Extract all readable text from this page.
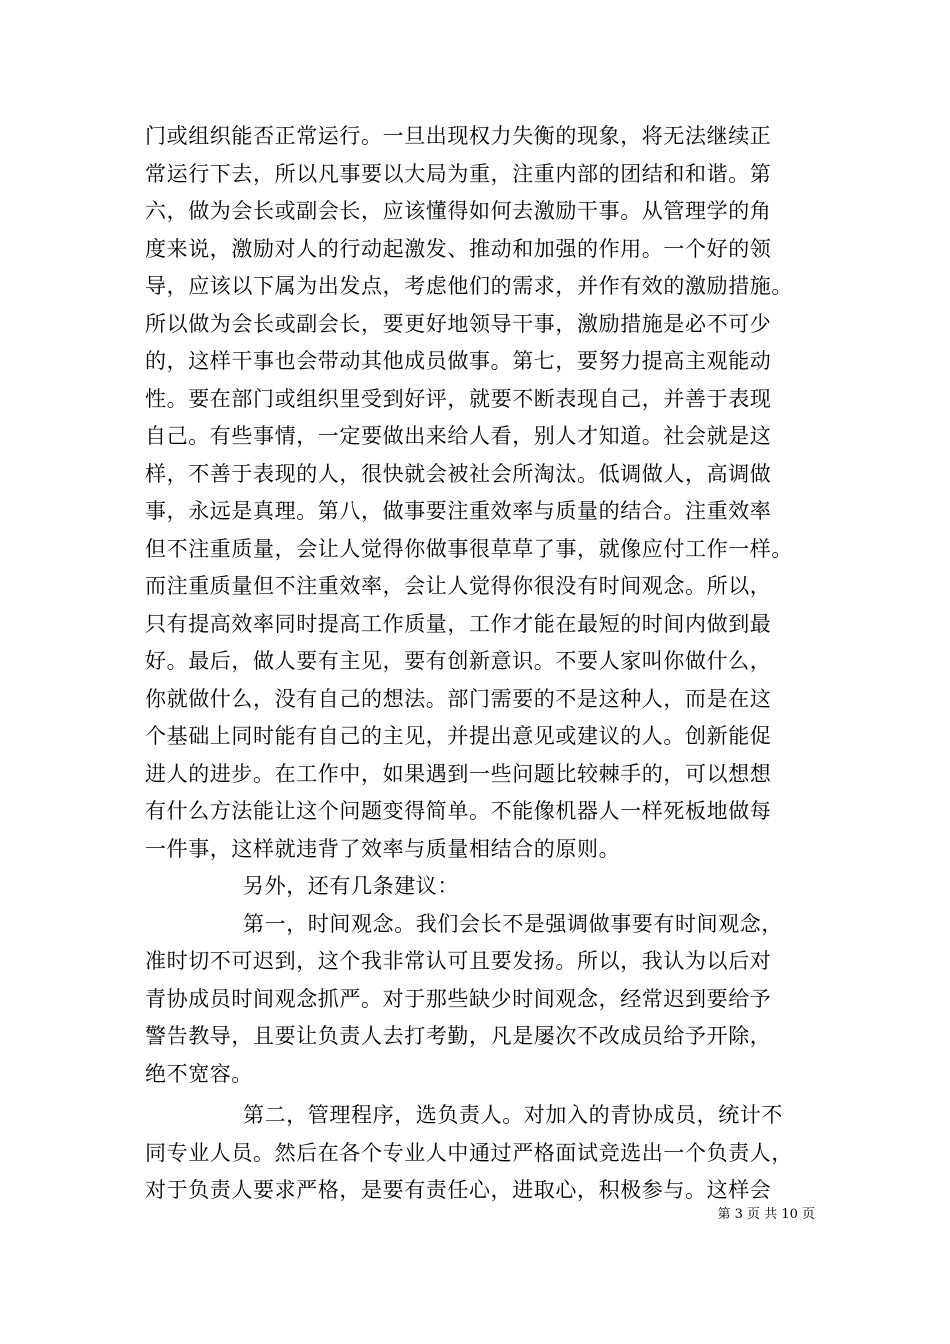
门或组织能否正常运行。一旦出现权力失衡的现象，将无法继续正
常运行下去，所以凡事要以大局为重，注重内部的团结和和谐。第
六，做为会长或副会长，应该懂得如何去激励干事。从管理学的角
度来说，激励对人的行动起激发、推动和加强的作用。一个好的领
导，应该以下属为出发点，考虑他们的需求，并作有效的激励措施。
所以做为会长或副会长，要更好地领导干事，激励措施是必不可少
的，这样干事也会带动其他成员做事。第七，要努力提高主观能动
性。要在部门或组织里受到好评，就要不断表现自己，并善于表现
自己。有些事情，一定要做出来给人看，别人才知道。社会就是这
样，不善于表现的人，很快就会被社会所淘汰。低调做人，高调做
事，永远是真理。第八，做事要注重效率与质量的结合。注重效率
但不注重质量，会让人觉得你做事很草草了事，就像应付工作一样。
而注重质量但不注重效率，会让人觉得你很没有时间观念。所以，
只有提高效率同时提高工作质量，工作才能在最短的时间内做到最
好。最后，做人要有主见，要有创新意识。不要人家叫你做什么，
你就做什么，没有自己的想法。部门需要的不是这种人，而是在这
个基础上同时能有自己的主见，并提出意见或建议的人。创新能促
进人的进步。在工作中，如果遇到一些问题比较棘手的，可以想想
有什么方法能让这个问题变得简单。不能像机器人一样死板地做每
一件事，这样就违背了效率与质量相结合的原则。
另外，还有几条建议：
第一，时间观念。我们会长不是强调做事要有时间观念，
准时切不可迟到，这个我非常认可且要发扬。所以，我认为以后对
青协成员时间观念抓严。对于那些缺少时间观念，经常迟到要给予
警告教导，且要让负责人去打考勤，凡是屡次不改成员给予开除，
绝不宽容。
第二，管理程序，选负责人。对加入的青协成员，统计不
同专业人员。然后在各个专业人中通过严格面试竞选出一个负责人，
对于负责人要求严格，是要有责任心，进取心，积极参与。这样会
第 3 页 共 10 页
